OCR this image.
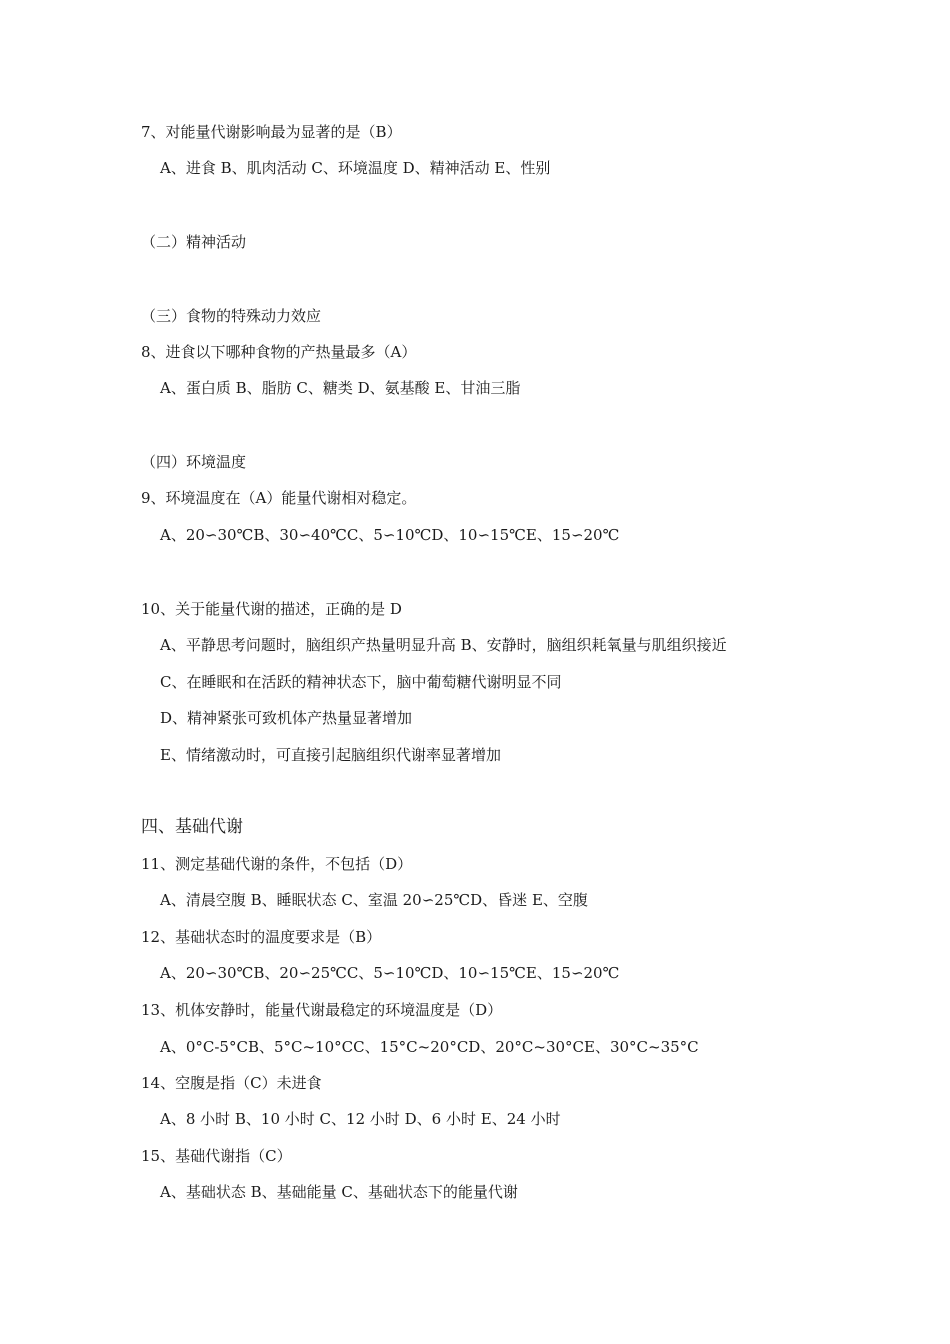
7、对能量代谢影响最为显著的是（B）
A、进食 B、肌肉活动 C、环境温度 D、精神活动 E、性别
（二）精神活动
（三）食物的特殊动力效应
8、进食以下哪种食物的产热量最多（A）
A、蛋白质 B、脂肪 C、糖类 D、氨基酸 E、甘油三脂
（四）环境温度
9、环境温度在（A）能量代谢相对稳定。
A、20∽30℃B、30∽40℃C、5∽10℃D、10∽15℃E、15∽20℃
10、关于能量代谢的描述，正确的是 D
A、平静思考问题时，脑组织产热量明显升高 B、安静时，脑组织耗氧量与肌组织接近
C、在睡眠和在活跃的精神状态下，脑中葡萄糖代谢明显不同
D、精神紧张可致机体产热量显著增加
E、情绪激动时，可直接引起脑组织代谢率显著增加
四、基础代谢
11、测定基础代谢的条件，不包括（D）
A、清晨空腹 B、睡眠状态 C、室温 20∽25℃D、昏迷 E、空腹
12、基础状态时的温度要求是（B）
A、20∽30℃B、20∽25℃C、5∽10℃D、10∽15℃E、15∽20℃
13、机体安静时，能量代谢最稳定的环境温度是（D）
A、0°C-5°CB、5°C~10°CC、15°C~20°CD、20°C~30°CE、30°C~35°C
14、空腹是指（C）未进食
A、8 小时 B、10 小时 C、12 小时 D、6 小时 E、24 小时
15、基础代谢指（C）
A、基础状态 B、基础能量 C、基础状态下的能量代谢
